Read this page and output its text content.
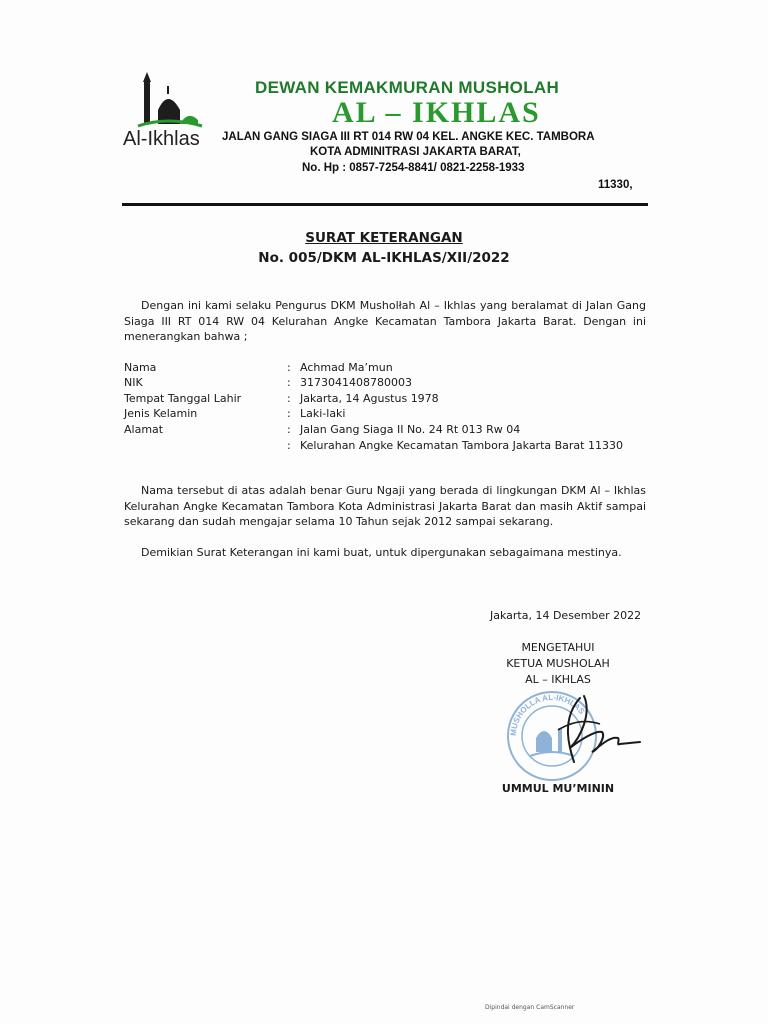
Al-Ikhlas
DEWAN KEMAKMURAN MUSHOLAH
AL – IKHLAS
JALAN GANG SIAGA III RT 014 RW 04 KEL. ANGKE KEC. TAMBORA
KOTA ADMINITRASI JAKARTA BARAT,
No. Hp : 0857-7254-8841/ 0821-2258-1933
11330,
SURAT KETERANGAN
No. 005/DKM AL-IKHLAS/XII/2022
Dengan ini kami selaku Pengurus DKM Musholłah Al – Ikhlas yang beralamat di Jalan Gang Siaga III RT 014 RW 04 Kelurahan Angke Kecamatan Tambora Jakarta Barat. Dengan ini menerangkan bahwa ;
Nama	: Achmad Ma’mun
NIK	: 3173041408780003
Tempat Tanggal Lahir	: Jakarta, 14 Agustus 1978
Jenis Kelamin	: Laki-laki
Alamat	: Jalan Gang Siaga II No. 24 Rt 013 Rw 04
: Kelurahan Angke Kecamatan Tambora Jakarta Barat 11330
Nama tersebut di atas adalah benar Guru Ngaji yang berada di lingkungan DKM Al – Ikhlas Kelurahan Angke Kecamatan Tambora Kota Administrasi Jakarta Barat dan masih Aktif sampai sekarang dan sudah mengajar selama 10 Tahun sejak 2012 sampai sekarang.
Demikian Surat Keterangan ini kami buat, untuk dipergunakan sebagaimana mestinya.
Jakarta, 14 Desember 2022
MENGETAHUI
KETUA MUSHOLAH
AL – IKHLAS
MUSHOLLA AL-IKHLAS
UMMUL MU’MININ
Dipindai dengan CamScanner
